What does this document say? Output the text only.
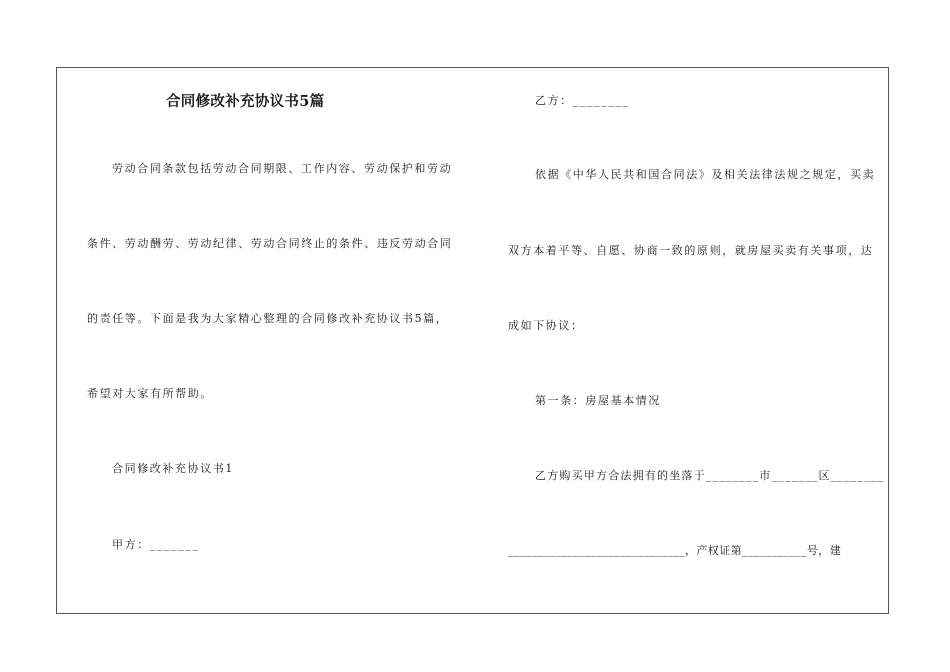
合同修改补充协议书5篇
劳动合同条款包括劳动合同期限、工作内容、劳动保护和劳动
条件、劳动酬劳、劳动纪律、劳动合同终止的条件、违反劳动合同
的责任等。下面是我为大家精心整理的合同修改补充协议书5篇，
希望对大家有所帮助。
合同修改补充协议书1
甲方：_______
乙方：________
依据《中华人民共和国合同法》及相关法律法规之规定，买卖
双方本着平等、自愿、协商一致的原则，就房屋买卖有关事项，达
成如下协议：
第一条：房屋基本情况
乙方购买甲方合法拥有的坐落于________市_______区________
______________________________，产权证第___________号，建
